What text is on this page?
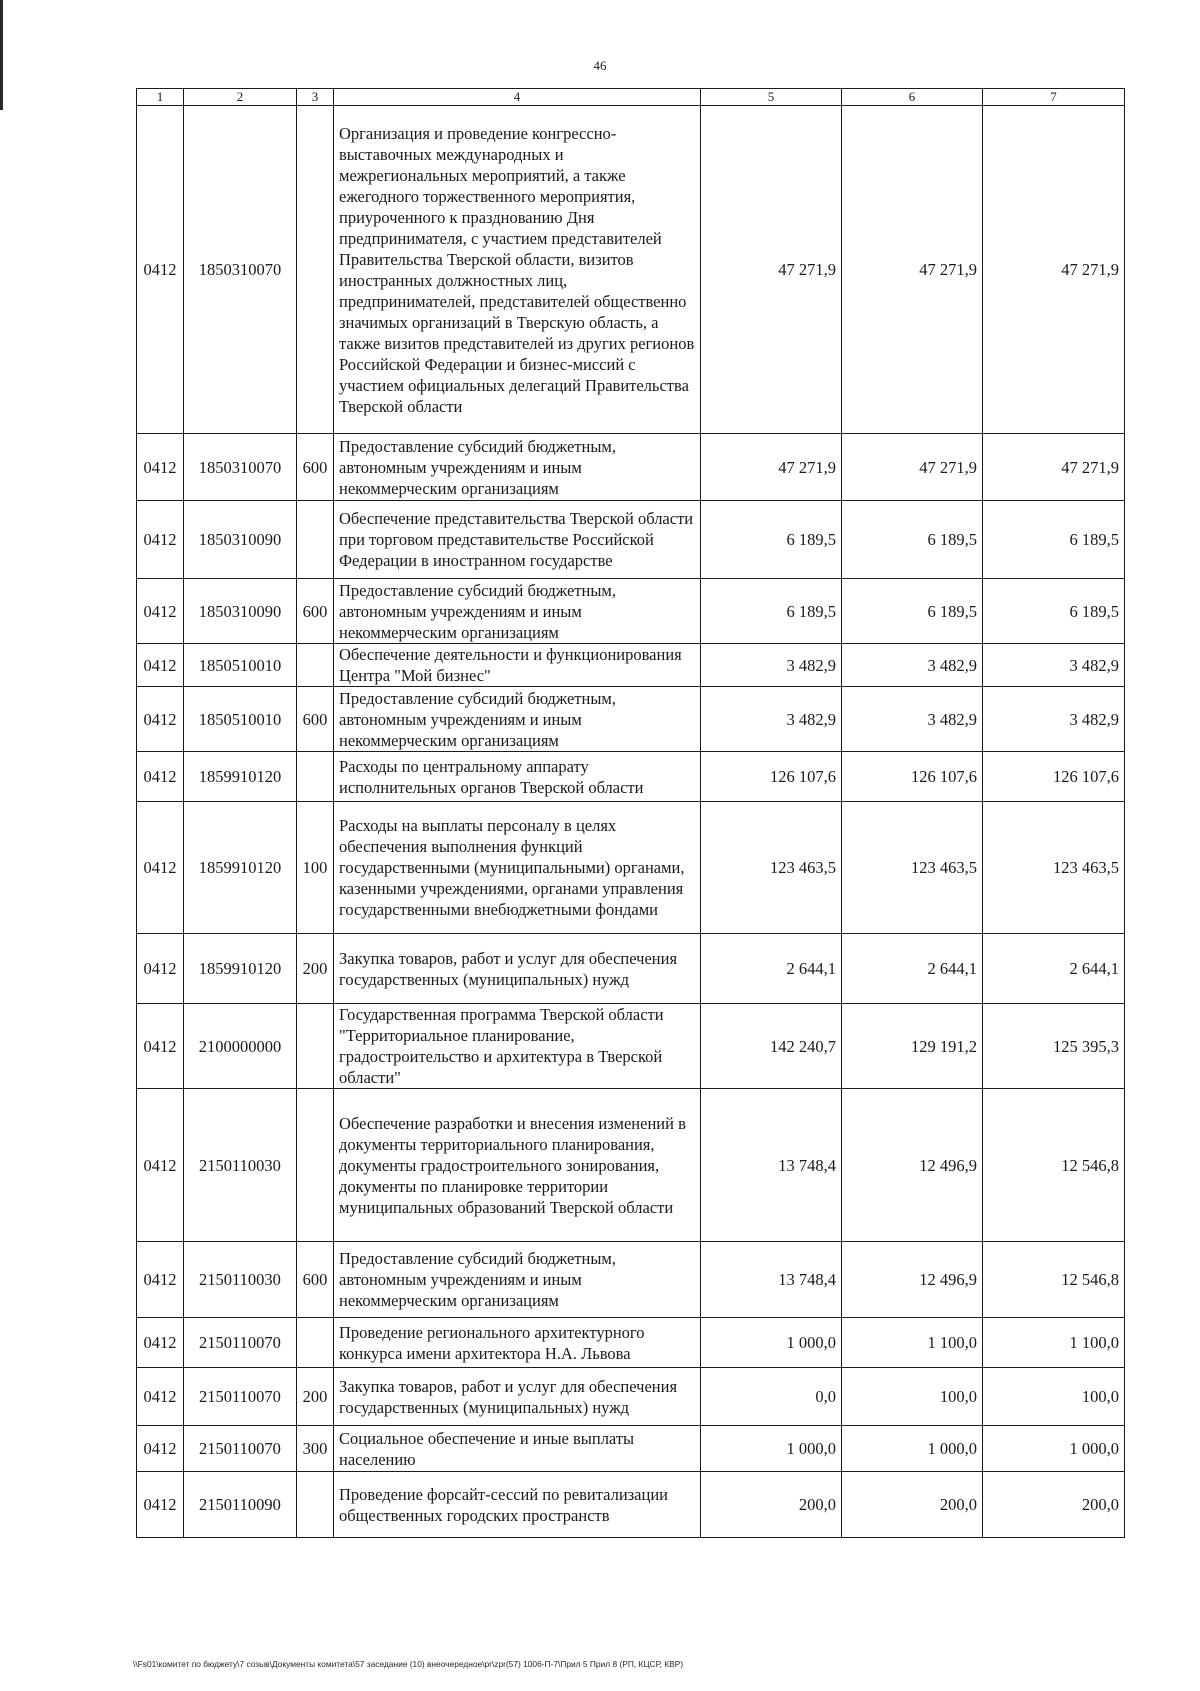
46
1	2	3	4	5	6	7
0412	1850310070		Организация и проведение конгрессно-выставочных международных и межрегиональных мероприятий, а также ежегодного торжественного мероприятия, приуроченного к празднованию Дня предпринимателя, с участием представителей Правительства Тверской области, визитов иностранных должностных лиц, предпринимателей, представителей общественно значимых организаций в Тверскую область, а также визитов представителей из других регионов Российской Федерации и бизнес-миссий с участием официальных делегаций Правительства Тверской области	47 271,9	47 271,9	47 271,9
0412	1850310070	600	Предоставление субсидий бюджетным, автономным учреждениям и иным некоммерческим организациям	47 271,9	47 271,9	47 271,9
0412	1850310090		Обеспечение представительства Тверской области при торговом представительстве Российской Федерации в иностранном государстве	6 189,5	6 189,5	6 189,5
0412	1850310090	600	Предоставление субсидий бюджетным, автономным учреждениям и иным некоммерческим организациям	6 189,5	6 189,5	6 189,5
0412	1850510010		Обеспечение деятельности и функционирования Центра "Мой бизнес"	3 482,9	3 482,9	3 482,9
0412	1850510010	600	Предоставление субсидий бюджетным, автономным учреждениям и иным некоммерческим организациям	3 482,9	3 482,9	3 482,9
0412	1859910120		Расходы по центральному аппарату исполнительных органов Тверской области	126 107,6	126 107,6	126 107,6
0412	1859910120	100	Расходы на выплаты персоналу в целях обеспечения выполнения функций государственными (муниципальными) органами, казенными учреждениями, органами управления государственными внебюджетными фондами	123 463,5	123 463,5	123 463,5
0412	1859910120	200	Закупка товаров, работ и услуг для обеспечения государственных (муниципальных) нужд	2 644,1	2 644,1	2 644,1
0412	2100000000		Государственная программа Тверской области "Территориальное планирование, градостроительство и архитектура в Тверской области"	142 240,7	129 191,2	125 395,3
0412	2150110030		Обеспечение разработки и внесения изменений в документы территориального планирования, документы градостроительного зонирования, документы по планировке территории муниципальных образований Тверской области	13 748,4	12 496,9	12 546,8
0412	2150110030	600	Предоставление субсидий бюджетным, автономным учреждениям и иным некоммерческим организациям	13 748,4	12 496,9	12 546,8
0412	2150110070		Проведение регионального архитектурного конкурса имени архитектора Н.А. Львова	1 000,0	1 100,0	1 100,0
0412	2150110070	200	Закупка товаров, работ и услуг для обеспечения государственных (муниципальных) нужд	0,0	100,0	100,0
0412	2150110070	300	Социальное обеспечение и иные выплаты населению	1 000,0	1 000,0	1 000,0
0412	2150110090		Проведение форсайт-сессий по ревитализации общественных городских пространств	200,0	200,0	200,0
\\Fs01\комитет по бюджету\7 созыв\Документы комитета\57 заседание (10) внеочередное\pr\zpr(57) 1006-П-7\Прил 5 Прил 8 (РП, КЦСР, КВР)
